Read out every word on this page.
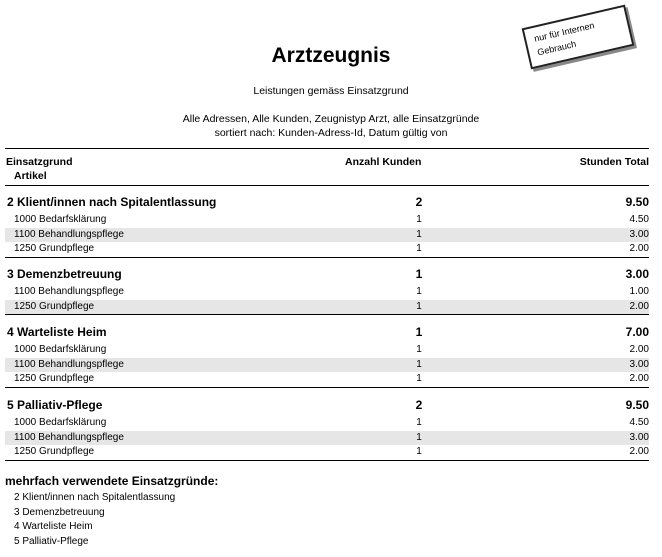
Arztzeugnis
Leistungen gemäss Einsatzgrund
Alle Adressen, Alle Kunden, Zeugnistyp Arzt, alle Einsatzgründe
sortiert nach: Kunden-Adress-Id, Datum gültig von
nur für Internen
Gebrauch
Einsatzgrund
Artikel
Anzahl Kunden	Stunden Total
2 Klient/innen nach Spitalentlassung	2	9.50
1000 Bedarfsklärung	1	4.50
1100 Behandlungspflege	1	3.00
1250 Grundpflege	1	2.00
3 Demenzbetreuung	1	3.00
1100 Behandlungspflege	1	1.00
1250 Grundpflege	1	2.00
4 Warteliste Heim	1	7.00
1000 Bedarfsklärung	1	2.00
1100 Behandlungspflege	1	3.00
1250 Grundpflege	1	2.00
5 Palliativ-Pflege	2	9.50
1000 Bedarfsklärung	1	4.50
1100 Behandlungspflege	1	3.00
1250 Grundpflege	1	2.00
mehrfach verwendete Einsatzgründe:
2 Klient/innen nach Spitalentlassung
3 Demenzbetreuung
4 Warteliste Heim
5 Palliativ-Pflege
